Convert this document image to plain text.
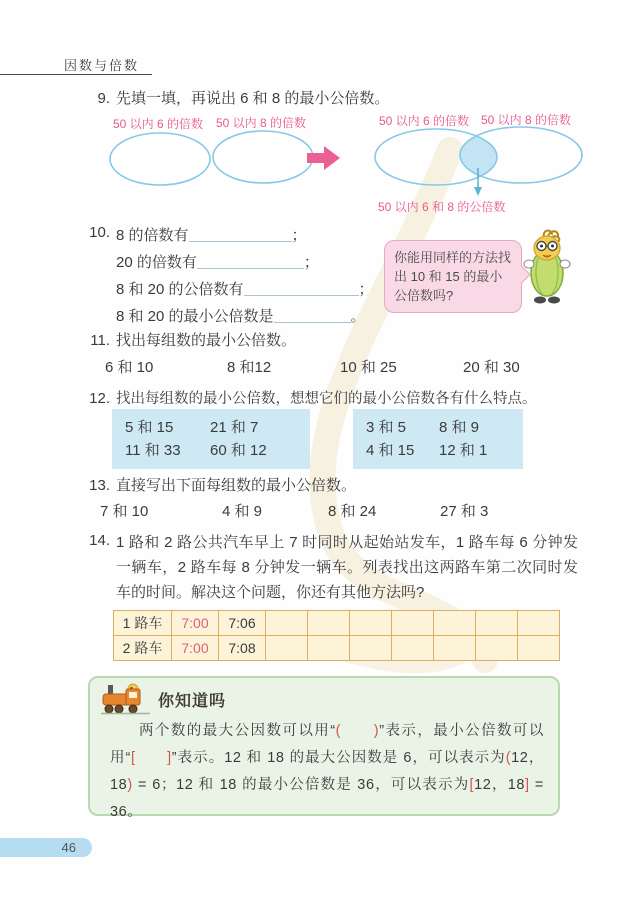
因数与倍数
9. 先填一填，再说出 6 和 8 的最小公倍数。
50 以内 6 的倍数 50 以内 8 的倍数	50 以内 6 的倍数 50 以内 8 的倍数
50 以内 6 和 8 的公倍数
10. 8 的倍数有	；
20 的倍数有	；
8 和 20 的公倍数有	；
8 和 20 的最小公倍数是	。
你能用同样的方法找出 10 和 15 的最小公倍数吗?
11. 找出每组数的最小公倍数。
6 和 10	8 和12	10 和 25	20 和 30
12. 找出每组数的最小公倍数，想想它们的最小公倍数各有什么特点。
5 和 15	21 和 7
11 和 33	60 和 12
3 和 5	8 和 9
4 和 15	12 和 1
13. 直接写出下面每组数的最小公倍数。
7 和 10	4 和 9	8 和 24	27 和 3
14. 1 路和 2 路公共汽车早上 7 时同时从起始站发车，1 路车每 6 分钟发一辆车，2 路车每 8 分钟发一辆车。列表找出这两路车第二次同时发车的时间。解决这个问题，你还有其他方法吗?
1 路车	7:00	7:06							
2 路车	7:00	7:08							
你知道吗
两个数的最大公因数可以用“(　　 )”表示，最小公倍数可以用“[　　 ]”表示。12 和 18 的最大公因数是 6，可以表示为(12，18) = 6；12 和 18 的最小公倍数是 36，可以表示为[12，18] = 36。
46
